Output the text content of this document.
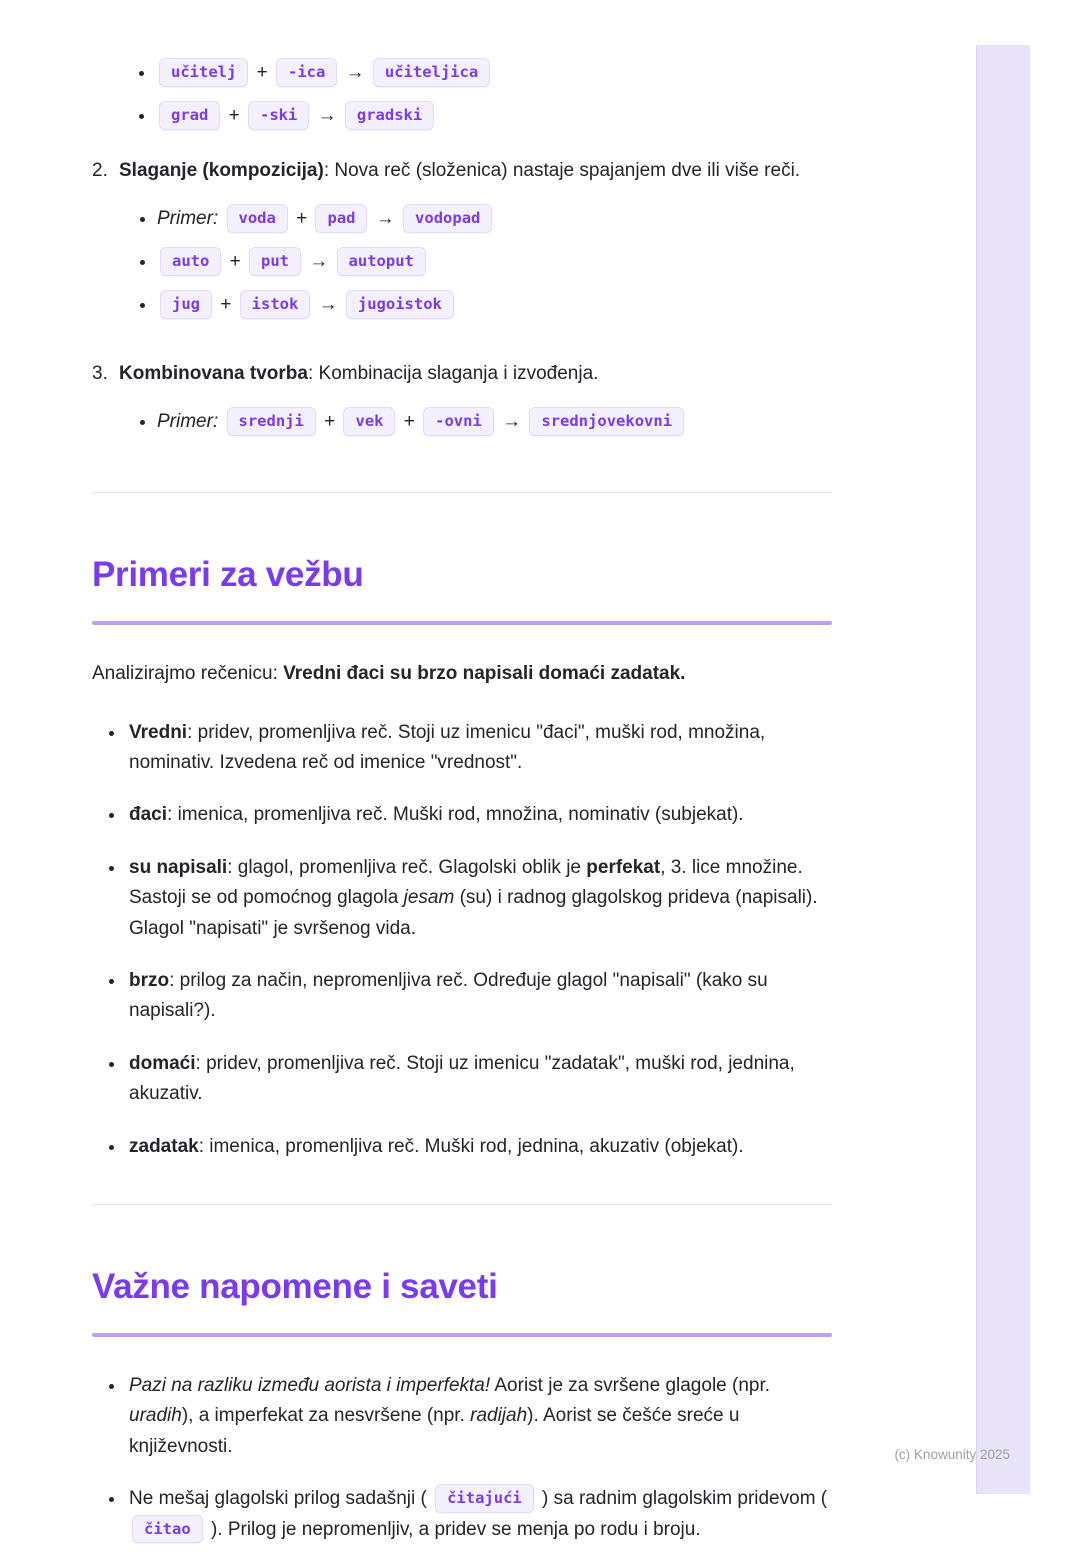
• učitelj + -ica → učiteljica
• grad + -ski → gradski
2. Slaganje (kompozicija): Nova reč (složenica) nastaje spajanjem dve ili više reči.

• Primer: voda + pad → vodopad
• auto + put → autoput
• jug + istok → jugoistok
3. Kombinovana tvorba: Kombinacija slaganja i izvođenja.

• Primer: srednji + vek + -ovni → srednjovekovni
Primeri za vežbu

Analizirajmo rečenicu: Vredni đaci su brzo napisali domaći zadatak.

• Vredni: pridev, promenljiva reč. Stoji uz imenicu "đaci", muški rod, množina, nominativ. Izvedena reč od imenice "vrednost".
• đaci: imenica, promenljiva reč. Muški rod, množina, nominativ (subjekat).
• su napisali: glagol, promenljiva reč. Glagolski oblik je perfekat, 3. lice množine. Sastoji se od pomoćnog glagola jesam (su) i radnog glagolskog prideva (napisali). Glagol "napisati" je svršenog vida.
• brzo: prilog za način, nepromenljiva reč. Određuje glagol "napisali" (kako su napisali?).
• domaći: pridev, promenljiva reč. Stoji uz imenicu "zadatak", muški rod, jednina, akuzativ.
• zadatak: imenica, promenljiva reč. Muški rod, jednina, akuzativ (objekat).
Važne napomene i saveti
• Pazi na razliku između aorista i imperfekta! Aorist je za svršene glagole (npr. uradih), a imperfekat za nesvršene (npr. radijah). Aorist se češće sreće u književnosti.
• Ne mešaj glagolski prilog sadašnji ( čitajući ) sa radnim glagolskim pridevom ( čitao ). Prilog je nepromenljiv, a pridev se menja po rodu i broju.
(c) Knowunity 2025
